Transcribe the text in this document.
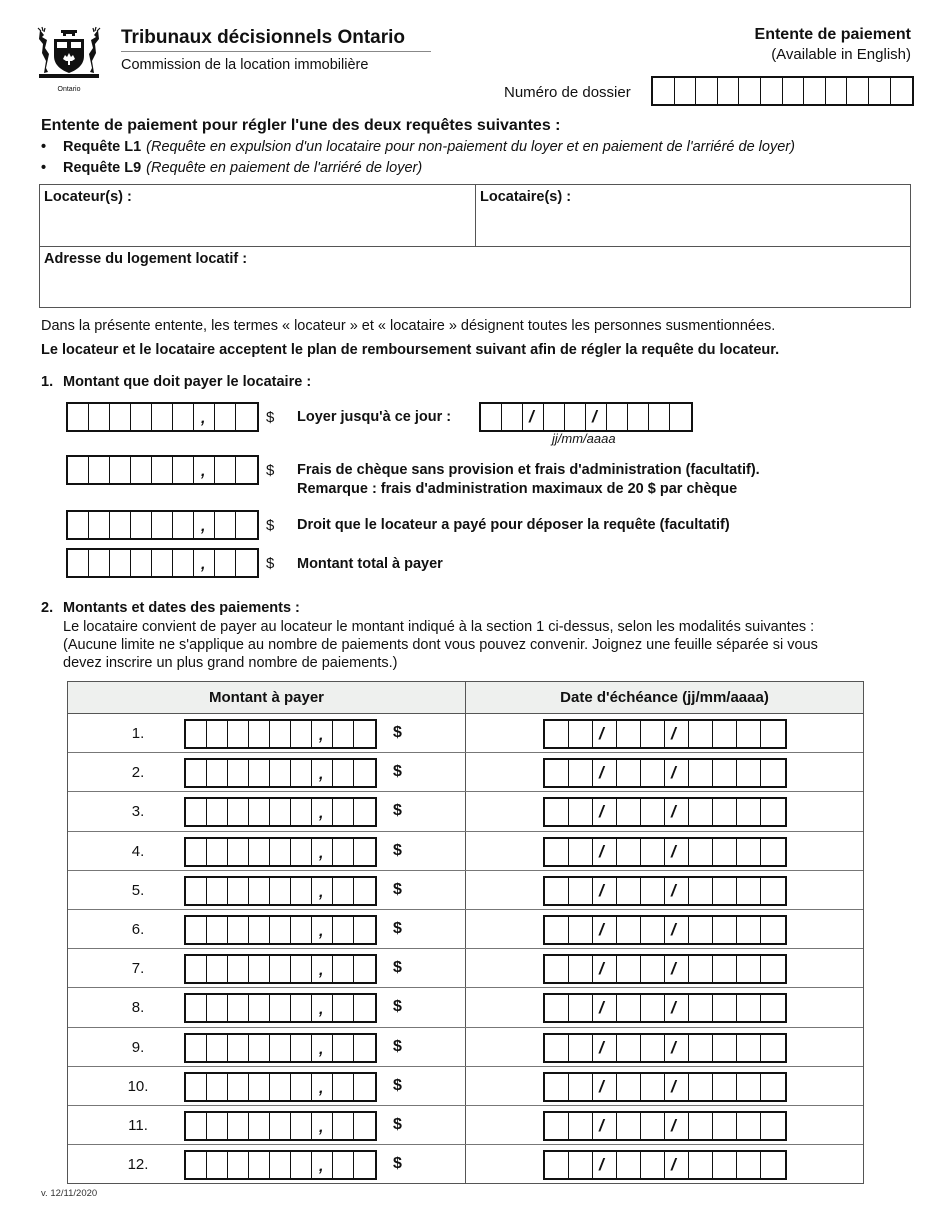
Ontario
Tribunaux décisionnels Ontario
Commission de la location immobilière
Entente de paiement
(Available in English)
Numéro de dossier
Entente de paiement pour régler l'une des deux requêtes suivantes :
•	Requête L1 (Requête en expulsion d'un locataire pour non-paiement du loyer et en paiement de l'arriéré de loyer)
•	Requête L9 (Requête en paiement de l'arriéré de loyer)
Locateur(s) :	Locataire(s) :
Adresse du logement locatif :
Dans la présente entente, les termes « locateur » et « locataire » désignent toutes les personnes susmentionnées.
Le locateur et le locataire acceptent le plan de remboursement suivant afin de régler la requête du locateur.
1. Montant que doit payer le locataire :
,	$ Loyer jusqu'à ce jour :	/	/
jj/mm/aaaa
,	$ Frais de chèque sans provision et frais d'administration (facultatif).
Remarque : frais d'administration maximaux de 20 $ par chèque
,	$ Droit que le locateur a payé pour déposer la requête (facultatif)
,	$ Montant total à payer
2. Montants et dates des paiements :
Le locataire convient de payer au locateur le montant indiqué à la section 1 ci-dessus, selon les modalités suivantes :
(Aucune limite ne s'applique au nombre de paiements dont vous pouvez convenir. Joignez une feuille séparée si vous
devez inscrire un plus grand nombre de paiements.)
Montant à payer	Date d'échéance (jj/mm/aaaa)
1.	,	$	/	/
2.	,	$	/	/
3.	,	$	/	/
4.	,	$	/	/
5.	,	$	/	/
6.	,	$	/	/
7.	,	$	/	/
8.	,	$	/	/
9.	,	$	/	/
10.	,	$	/	/
11.	,	$	/	/
12.	,	$	/	/
v. 12/11/2020
